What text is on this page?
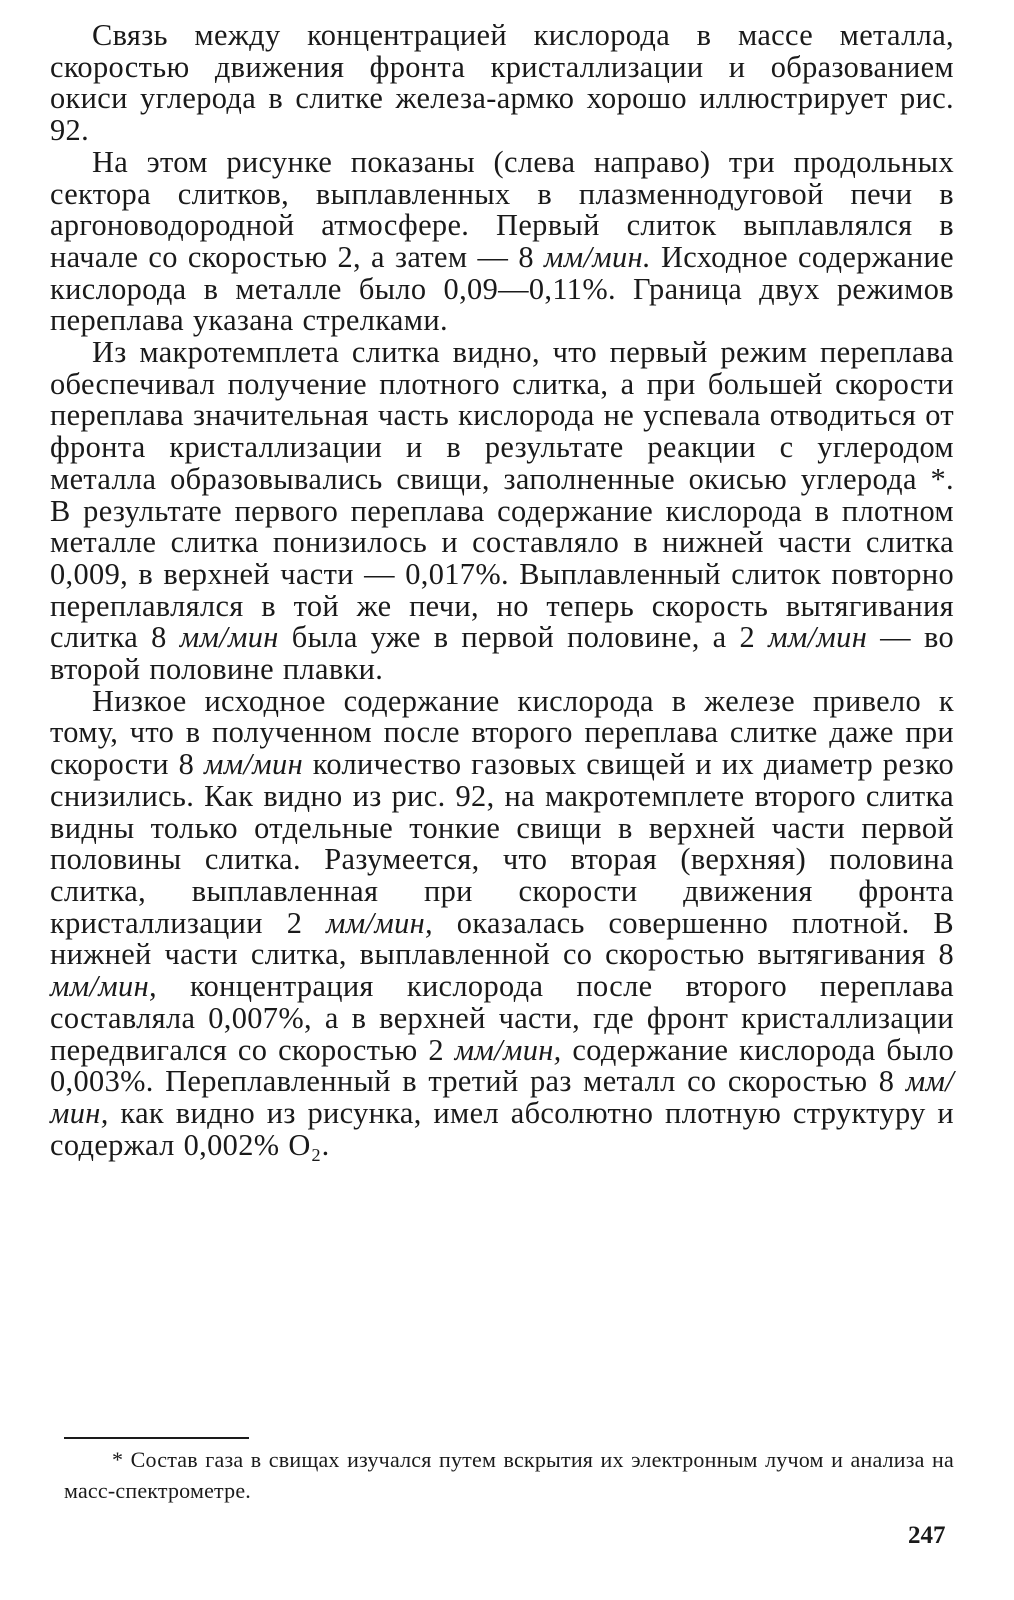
Связь между концентрацией кислорода в массе металла, скоростью движения фронта кристаллизации и образованием окиси углерода в слитке железа-армко хорошо иллюстрирует рис. 92.

На этом рисунке показаны (слева направо) три продольных сектора слитков, выплавленных в плазменнодуговой печи в аргоноводородной атмосфере. Первый слиток выплавлялся в начале со скоростью 2, а затем — 8 мм/мин. Исходное содержание кислорода в металле было 0,09—0,11%. Граница двух режимов переплава указана стрелками.

Из макротемплета слитка видно, что первый режим переплава обеспечивал получение плотного слитка, а при большей скорости переплава значительная часть кислорода не успевала отводиться от фронта кристаллизации и в результате реакции с углеродом металла образовывались свищи, заполненные окисью углерода *. В результате первого переплава содержание кислорода в плотном металле слитка понизилось и составляло в нижней части слитка 0,009, в верхней части — 0,017%. Выплавленный слиток повторно переплавлялся в той же печи, но теперь скорость вытягивания слитка 8 мм/мин была уже в первой половине, а 2 мм/мин — во второй половине плавки.

Низкое исходное содержание кислорода в железе привело к тому, что в полученном после второго переплава слитке даже при скорости 8 мм/мин количество газовых свищей и их диаметр резко снизились. Как видно из рис. 92, на макротемплете второго слитка видны только отдельные тонкие свищи в верхней части первой половины слитка. Разумеется, что вторая (верхняя) половина слитка, выплавленная при скорости движения фронта кристаллизации 2 мм/мин, оказалась совершенно плотной. В нижней части слитка, выплавленной со скоростью вытягивания 8 мм/мин, концентрация кислорода после второго переплава составляла 0,007%, а в верхней части, где фронт кристаллизации передвигался со скоростью 2 мм/мин, содержание кислорода было 0,003%. Переплавленный в третий раз металл со скоростью 8 мм/мин, как видно из рисунка, имел абсолютно плотную структуру и содержал 0,002% O₂.

* Состав газа в свищах изучался путем вскрытия их электронным лучом и анализа на масс-спектрометре.

247
